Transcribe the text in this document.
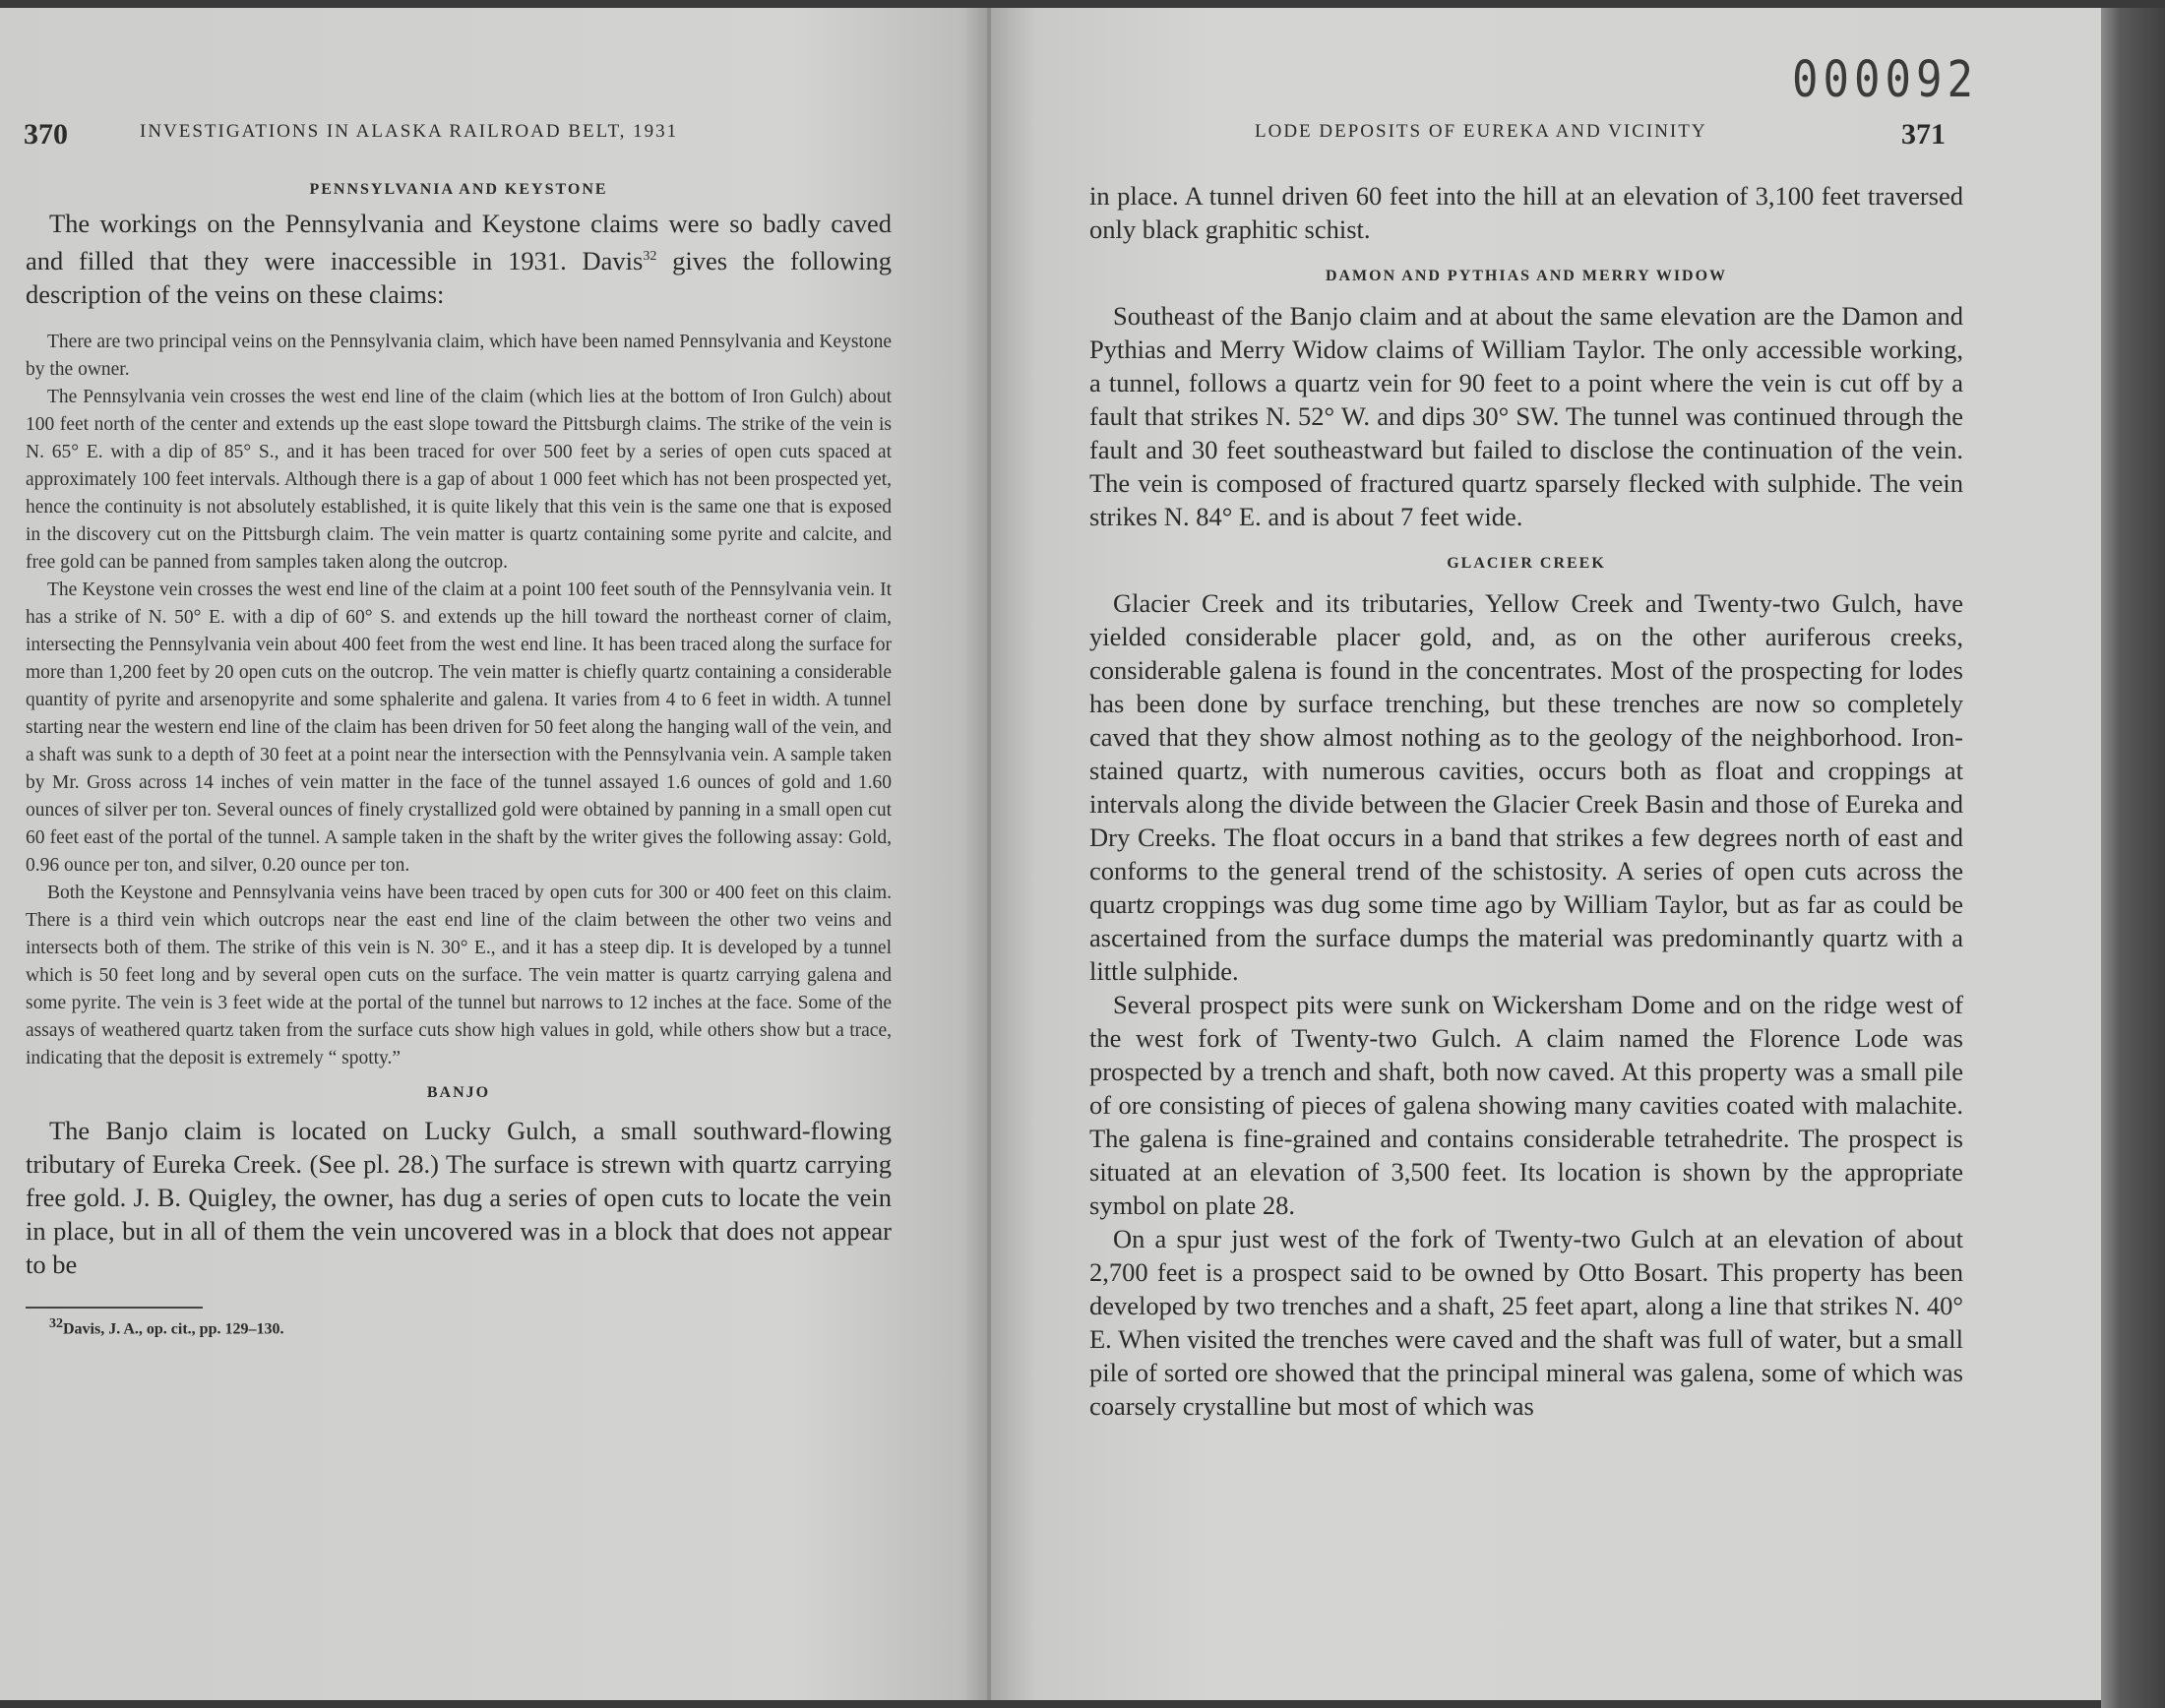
370	INVESTIGATIONS IN ALASKA RAILROAD BELT, 1931
PENNSYLVANIA AND KEYSTONE

The workings on the Pennsylvania and Keystone claims were so badly caved and filled that they were inaccessible in 1931. Davis$^{32}$ gives the following description of the veins on these claims:

There are two principal veins on the Pennsylvania claim, which have been named Pennsylvania and Keystone by the owner.

The Pennsylvania vein crosses the west end line of the claim (which lies at the bottom of Iron Gulch) about 100 feet north of the center and extends up the east slope toward the Pittsburgh claims. The strike of the vein is N. 65° E. with a dip of 85° S., and it has been traced for over 500 feet by a series of open cuts spaced at approximately 100 feet intervals. Although there is a gap of about 1 000 feet which has not been prospected yet, hence the continuity is not absolutely established, it is quite likely that this vein is the same one that is exposed in the discovery cut on the Pittsburgh claim. The vein matter is quartz containing some pyrite and calcite, and free gold can be panned from samples taken along the outcrop.

The Keystone vein crosses the west end line of the claim at a point 100 feet south of the Pennsylvania vein. It has a strike of N. 50° E. with a dip of 60° S. and extends up the hill toward the northeast corner of claim, intersecting the Pennsylvania vein about 400 feet from the west end line. It has been traced along the surface for more than 1,200 feet by 20 open cuts on the outcrop. The vein matter is chiefly quartz containing a considerable quantity of pyrite and arsenopyrite and some sphalerite and galena. It varies from 4 to 6 feet in width. A tunnel starting near the western end line of the claim has been driven for 50 feet along the hanging wall of the vein, and a shaft was sunk to a depth of 30 feet at a point near the intersection with the Pennsylvania vein. A sample taken by Mr. Gross across 14 inches of vein matter in the face of the tunnel assayed 1.6 ounces of gold and 1.60 ounces of silver per ton. Several ounces of finely crystallized gold were obtained by panning in a small open cut 60 feet east of the portal of the tunnel. A sample taken in the shaft by the writer gives the following assay: Gold, 0.96 ounce per ton, and silver, 0.20 ounce per ton.

Both the Keystone and Pennsylvania veins have been traced by open cuts for 300 or 400 feet on this claim. There is a third vein which outcrops near the east end line of the claim between the other two veins and intersects both of them. The strike of this vein is N. 30° E., and it has a steep dip. It is developed by a tunnel which is 50 feet long and by several open cuts on the surface. The vein matter is quartz carrying galena and some pyrite. The vein is 3 feet wide at the portal of the tunnel but narrows to 12 inches at the face. Some of the assays of weathered quartz taken from the surface cuts show high values in gold, while others show but a trace, indicating that the deposit is extremely “ spotty.”

BANJO

The Banjo claim is located on Lucky Gulch, a small southward-flowing tributary of Eureka Creek. (See pl. 28.) The surface is strewn with quartz carrying free gold. J. B. Quigley, the owner, has dug a series of open cuts to locate the vein in place, but in all of them the vein uncovered was in a block that does not appear to be

$^{32}$Davis, J. A., op. cit., pp. 129–130.
000092
LODE DEPOSITS OF EUREKA AND VICINITY	371

in place. A tunnel driven 60 feet into the hill at an elevation of 3,100 feet traversed only black graphitic schist.

DAMON AND PYTHIAS AND MERRY WIDOW

Southeast of the Banjo claim and at about the same elevation are the Damon and Pythias and Merry Widow claims of William Taylor. The only accessible working, a tunnel, follows a quartz vein for 90 feet to a point where the vein is cut off by a fault that strikes N. 52° W. and dips 30° SW. The tunnel was continued through the fault and 30 feet southeastward but failed to disclose the continuation of the vein. The vein is composed of fractured quartz sparsely flecked with sulphide. The vein strikes N. 84° E. and is about 7 feet wide.

GLACIER CREEK

Glacier Creek and its tributaries, Yellow Creek and Twenty-two Gulch, have yielded considerable placer gold, and, as on the other auriferous creeks, considerable galena is found in the concentrates. Most of the prospecting for lodes has been done by surface trenching, but these trenches are now so completely caved that they show almost nothing as to the geology of the neighborhood. Iron-stained quartz, with numerous cavities, occurs both as float and croppings at intervals along the divide between the Glacier Creek Basin and those of Eureka and Dry Creeks. The float occurs in a band that strikes a few degrees north of east and conforms to the general trend of the schistosity. A series of open cuts across the quartz croppings was dug some time ago by William Taylor, but as far as could be ascertained from the surface dumps the material was predominantly quartz with a little sulphide.

Several prospect pits were sunk on Wickersham Dome and on the ridge west of the west fork of Twenty-two Gulch. A claim named the Florence Lode was prospected by a trench and shaft, both now caved. At this property was a small pile of ore consisting of pieces of galena showing many cavities coated with malachite. The galena is fine-grained and contains considerable tetrahedrite. The prospect is situated at an elevation of 3,500 feet. Its location is shown by the appropriate symbol on plate 28.

On a spur just west of the fork of Twenty-two Gulch at an elevation of about 2,700 feet is a prospect said to be owned by Otto Bosart. This property has been developed by two trenches and a shaft, 25 feet apart, along a line that strikes N. 40° E. When visited the trenches were caved and the shaft was full of water, but a small pile of sorted ore showed that the principal mineral was galena, some of which was coarsely crystalline but most of which was
